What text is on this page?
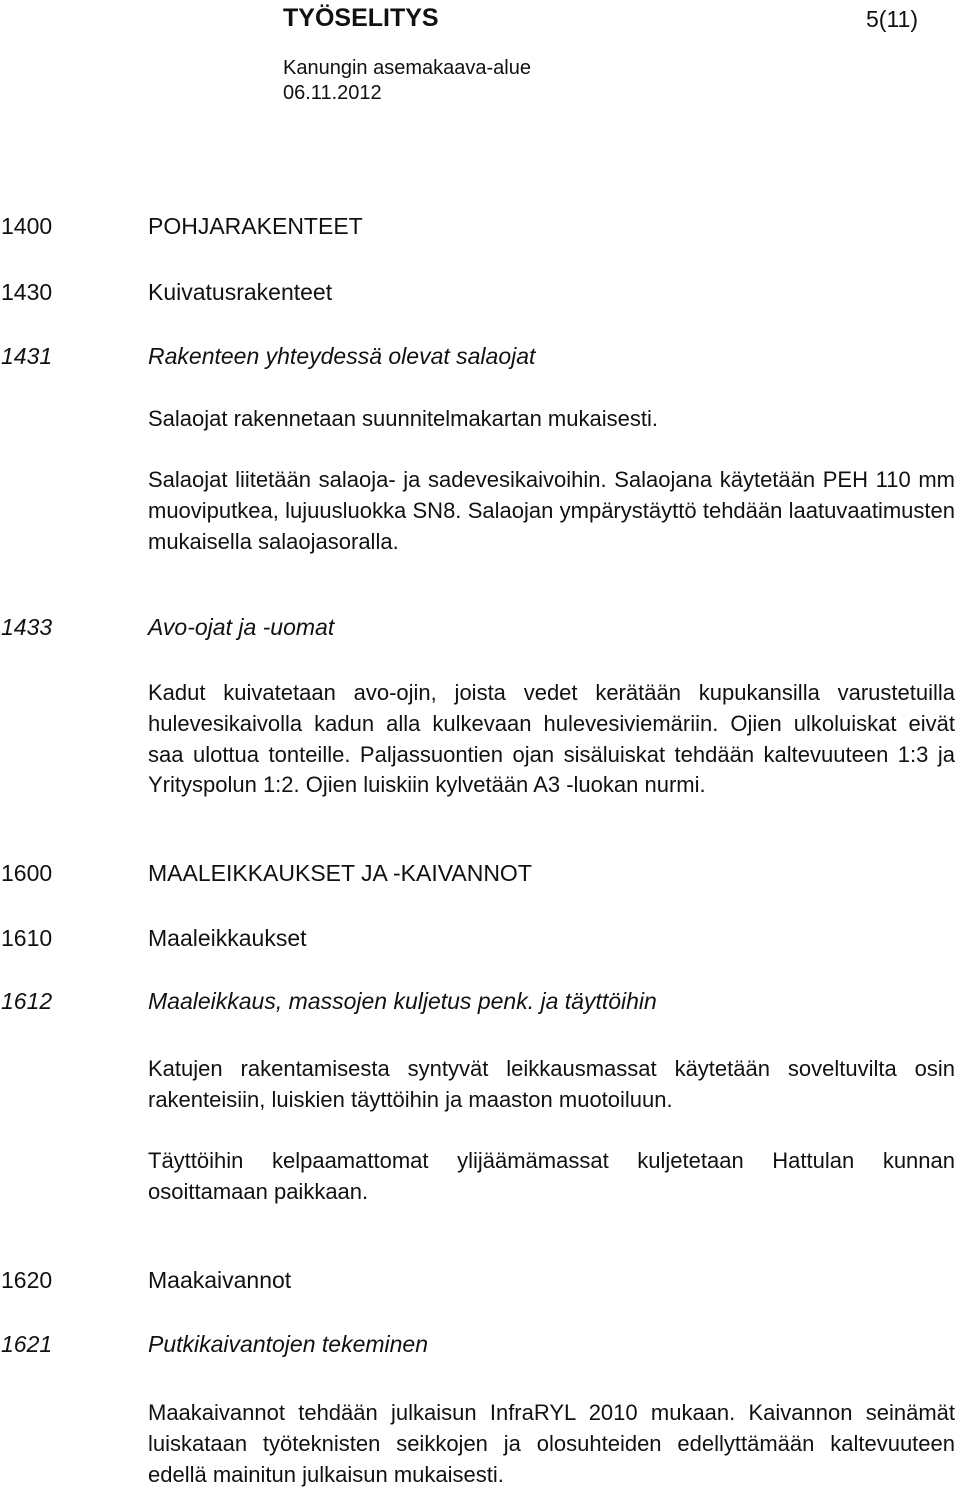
TYÖSELITYS	5(11)
Kanungin asemakaava-alue
06.11.2012
1400	POHJARAKENTEET
1430	Kuivatusrakenteet
1431	Rakenteen yhteydessä olevat salaojat
Salaojat rakennetaan suunnitelmakartan mukaisesti.
Salaojat liitetään salaoja- ja sadevesikaivoihin. Salaojana käytetään PEH 110 mm muoviputkea, lujuusluokka SN8. Salaojan ympärystäyttö tehdään laatuvaatimusten mukaisella salaojasoralla.
1433	Avo-ojat ja -uomat
Kadut kuivatetaan avo-ojin, joista vedet kerätään kupukansilla varustetuilla hulevesikaivolla kadun alla kulkevaan hulevesiviemäriin. Ojien ulkoluiskat eivät saa ulottua tonteille. Paljassuontien ojan sisäluiskat tehdään kaltevuuteen 1:3 ja Yrityspolun 1:2. Ojien luiskiin kylvetään A3 -luokan nurmi.
1600	MAALEIKKAUKSET JA -KAIVANNOT
1610	Maaleikkaukset
1612	Maaleikkaus, massojen kuljetus penk. ja täyttöihin
Katujen rakentamisesta syntyvät leikkausmassat käytetään soveltuvilta osin rakenteisiin, luiskien täyttöihin ja maaston muotoiluun.
Täyttöihin kelpaamattomat ylijäämämassat kuljetetaan Hattulan kunnan osoittamaan paikkaan.
1620	Maakaivannot
1621	Putkikaivantojen tekeminen
Maakaivannot tehdään julkaisun InfraRYL 2010 mukaan. Kaivannon seinämät luiskataan työteknisten seikkojen ja olosuhteiden edellyttämään kaltevuuteen edellä mainitun julkaisun mukaisesti.
